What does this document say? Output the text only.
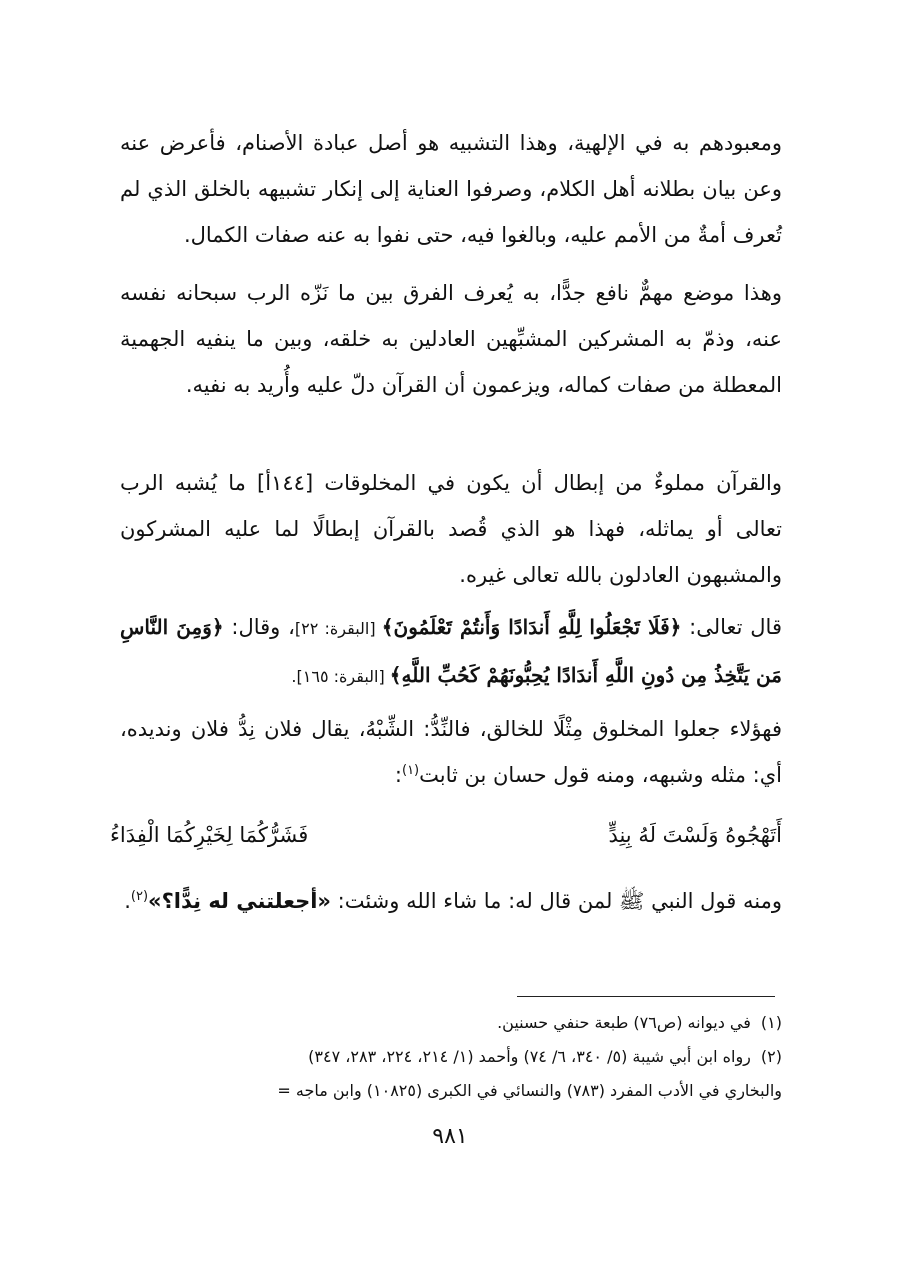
ومعبودهم به في الإلهية، وهذا التشبيه هو أصل عبادة الأصنام، فأعرض عنه وعن بيان بطلانه أهل الكلام، وصرفوا العناية إلى إنكار تشبيهه بالخلق الذي لم تُعرف أمةٌ من الأمم عليه، وبالغوا فيه، حتى نفوا به عنه صفات الكمال.

وهذا موضع مهمٌّ نافع جدًّا، به يُعرف الفرق بين ما نَزّه الرب سبحانه نفسه عنه، وذمّ به المشركين المشبِّهين العادلين به خلقه، وبين ما ينفيه الجهمية المعطلة من صفات كماله، ويزعمون أن القرآن دلّ عليه وأُريد به نفيه.

والقرآن مملوءٌ من إبطال أن يكون في المخلوقات [١٤٤أ] ما يُشبه الرب تعالى أو يماثله، فهذا هو الذي قُصد بالقرآن إبطالًا لما عليه المشركون والمشبهون العادلون بالله تعالى غيره.

قال تعالى: ﴿فَلَا تَجْعَلُوا لِلَّهِ أَندَادًا وَأَنتُمْ تَعْلَمُونَ﴾ [البقرة: ٢٢]، وقال: ﴿وَمِنَ النَّاسِ مَن يَتَّخِذُ مِن دُونِ اللَّهِ أَندَادًا يُحِبُّونَهُمْ كَحُبِّ اللَّهِ﴾ [البقرة: ١٦٥].

فهؤلاء جعلوا المخلوق مِثْلًا للخالق، فالنِّدُّ: الشِّبْهُ، يقال فلان نِدُّ فلان ونديده، أي: مثله وشبهه، ومنه قول حسان بن ثابت$^{(١)}$:

أَتَهْجُوهُ وَلَسْتَ لَهُ بِنِدٍّ
فَشَرُّكُمَا لِخَيْرِكُمَا الْفِدَاءُ

ومنه قول النبي ﷺ لمن قال له: ما شاء الله وشئت: «أجعلتني له نِدًّا؟»$^{(٢)}$.

(١)في ديوانه (ص٧٦) طبعة حنفي حسنين.

(٢)رواه ابن أبي شيبة (٥/ ٣٤٠، ٦/ ٧٤) وأحمد (١/ ٢١٤، ٢٢٤، ٢٨٣، ٣٤٧)

والبخاري في الأدب المفرد (٧٨٣) والنسائي في الكبرى (١٠٨٢٥) وابن ماجه =

٩٨١
